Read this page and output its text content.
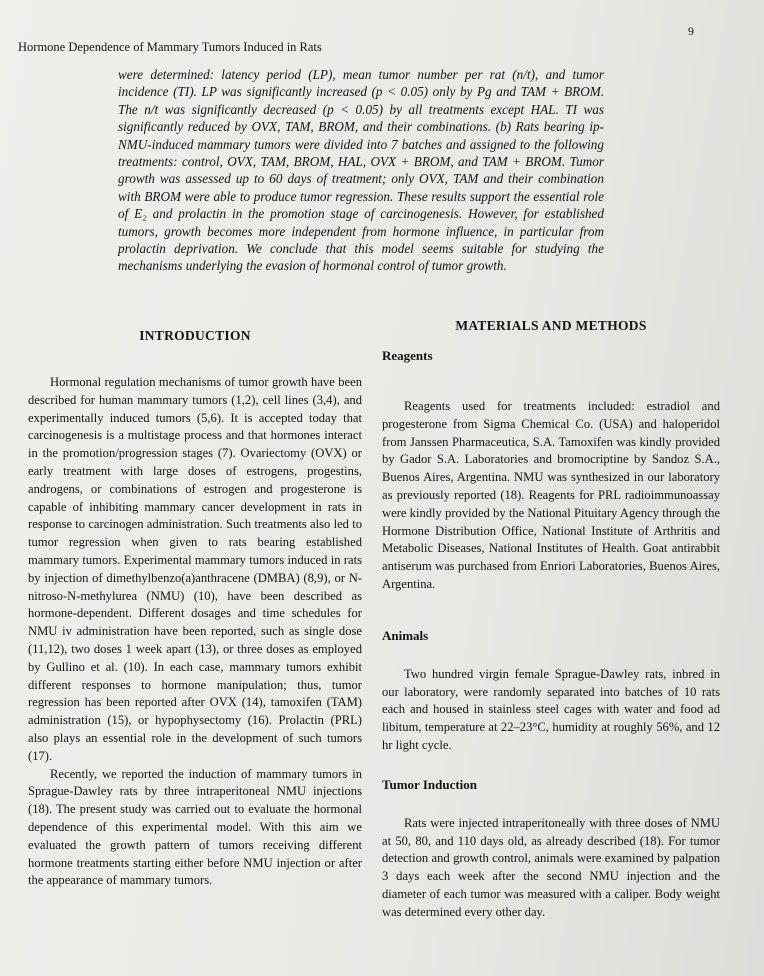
Hormone Dependence of Mammary Tumors Induced in Rats
9

were determined: latency period (LP), mean tumor number per rat (n/t), and tumor incidence (TI). LP was significantly increased (p < 0.05) only by Pg and TAM + BROM. The n/t was significantly decreased (p < 0.05) by all treatments except HAL. TI was significantly reduced by OVX, TAM, BROM, and their combinations. (b) Rats bearing ip-NMU-induced mammary tumors were divided into 7 batches and assigned to the following treatments: control, OVX, TAM, BROM, HAL, OVX + BROM, and TAM + BROM. Tumor growth was assessed up to 60 days of treatment; only OVX, TAM and their combination with BROM were able to produce tumor regression. These results support the essential role of E₂ and prolactin in the promotion stage of carcinogenesis. However, for established tumors, growth becomes more independent from hormone influence, in particular from prolactin deprivation. We conclude that this model seems suitable for studying the mechanisms underlying the evasion of hormonal control of tumor growth.

INTRODUCTION

Hormonal regulation mechanisms of tumor growth have been described for human mammary tumors (1,2), cell lines (3,4), and experimentally induced tumors (5,6). It is accepted today that carcinogenesis is a multistage process and that hormones interact in the promotion/progression stages (7). Ovariectomy (OVX) or early treatment with large doses of estrogens, progestins, androgens, or combinations of estrogen and progesterone is capable of inhibiting mammary cancer development in rats in response to carcinogen administration. Such treatments also led to tumor regression when given to rats bearing established mammary tumors. Experimental mammary tumors induced in rats by injection of dimethylbenzo(a)anthracene (DMBA) (8,9), or N-nitroso-N-methylurea (NMU) (10), have been described as hormone-dependent. Different dosages and time schedules for NMU iv administration have been reported, such as single dose (11,12), two doses 1 week apart (13), or three doses as employed by Gullino et al. (10). In each case, mammary tumors exhibit different responses to hormone manipulation; thus, tumor regression has been reported after OVX (14), tamoxifen (TAM) administration (15), or hypophysectomy (16). Prolactin (PRL) also plays an essential role in the development of such tumors (17).

Recently, we reported the induction of mammary tumors in Sprague-Dawley rats by three intraperitoneal NMU injections (18). The present study was carried out to evaluate the hormonal dependence of this experimental model. With this aim we evaluated the growth pattern of tumors receiving different hormone treatments starting either before NMU injection or after the appearance of mammary tumors.

MATERIALS AND METHODS
Reagents

Reagents used for treatments included: estradiol and progesterone from Sigma Chemical Co. (USA) and haloperidol from Janssen Pharmaceutica, S.A. Tamoxifen was kindly provided by Gador S.A. Laboratories and bromocriptine by Sandoz S.A., Buenos Aires, Argentina. NMU was synthesized in our laboratory as previously reported (18). Reagents for PRL radioimmunoassay were kindly provided by the National Pituitary Agency through the Hormone Distribution Office, National Institute of Arthritis and Metabolic Diseases, National Institutes of Health. Goat antirabbit antiserum was purchased from Enriori Laboratories, Buenos Aires, Argentina.

Animals

Two hundred virgin female Sprague-Dawley rats, inbred in our laboratory, were randomly separated into batches of 10 rats each and housed in stainless steel cages with water and food ad libitum, temperature at 22–23°C, humidity at roughly 56%, and 12 hr light cycle.

Tumor Induction

Rats were injected intraperitoneally with three doses of NMU at 50, 80, and 110 days old, as already described (18). For tumor detection and growth control, animals were examined by palpation 3 days each week after the second NMU injection and the diameter of each tumor was measured with a caliper. Body weight was determined every other day.
